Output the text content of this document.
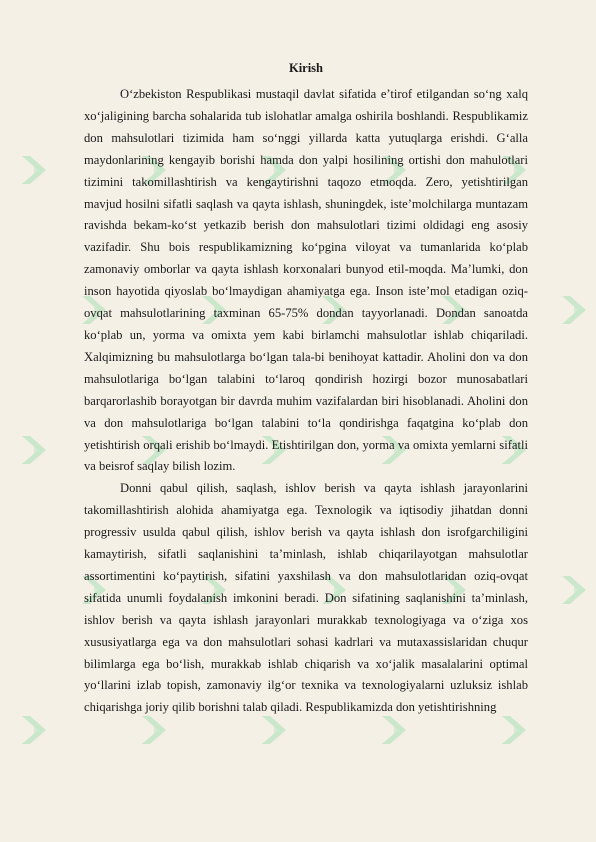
Kirish

O‘zbekiston Respublikasi mustaqil davlat sifatida e’tirof etilgandan so‘ng xalq xo‘jaligining barcha sohalarida tub islohatlar amalga oshirila boshlandi. Respublikamiz don mahsulotlari tizimida ham so‘nggi yillarda katta yutuqlarga erishdi. G‘alla maydonlarining kengayib borishi hamda don yalpi hosilining ortishi don mahulotlari tizimini takomillashtirish va kengaytirishni taqozo etmoqda. Zero, yetishtirilgan mavjud hosilni sifatli saqlash va qayta ishlash, shuningdek, iste’molchilarga muntazam ravishda bekam-ko‘st yetkazib berish don mahsulotlari tizimi oldidagi eng asosiy vazifadir. Shu bois respublikamizning ko‘pgina viloyat va tumanlarida ko‘plab zamonaviy omborlar va qayta ishlash korxonalari bunyod etil-moqda. Ma’lumki, don inson hayotida qiyoslab bo‘lmaydigan ahamiyatga ega. Inson iste’mol etadigan oziq-ovqat mahsulotlarining taxminan 65-75% dondan tayyorlanadi. Dondan sanoatda ko‘plab un, yorma va omixta yem kabi birlamchi mahsulotlar ishlab chiqariladi. Xalqimizning bu mahsulotlarga bo‘lgan tala-bi benihoyat kattadir. Aholini don va don mahsulotlariga bo‘lgan talabini to‘laroq qondirish hozirgi bozor munosabatlari barqarorlashib borayotgan bir davrda muhim vazifalardan biri hisoblanadi. Aholini don va don mahsulotlariga bo‘lgan talabini to‘la qondirishga faqatgina ko‘plab don yetishtirish orqali erishib bo‘lmaydi. Etishtirilgan don, yorma va omixta yemlarni sifatli va beisrof saqlay bilish lozim.

Donni qabul qilish, saqlash, ishlov berish va qayta ishlash jarayonlarini takomillashtirish alohida ahamiyatga ega. Texnologik va iqtisodiy jihatdan donni progressiv usulda qabul qilish, ishlov berish va qayta ishlash don isrofgarchiligini kamaytirish, sifatli saqlanishini ta’minlash, ishlab chiqarilayotgan mahsulotlar assortimentini ko‘paytirish, sifatini yaxshilash va don mahsulotlaridan oziq-ovqat sifatida unumli foydalanish imkonini beradi. Don sifatining saqlanishini ta’minlash, ishlov berish va qayta ishlash jarayonlari murakkab texnologiyaga va o‘ziga xos xususiyatlarga ega va don mahsulotlari sohasi kadrlari va mutaxassislaridan chuqur bilimlarga ega bo‘lish, murakkab ishlab chiqarish va xo‘jalik masalalarini optimal yo‘llarini izlab topish, zamonaviy ilg‘or texnika va texnologiyalarni uzluksiz ishlab chiqarishga joriy qilib borishni talab qiladi. Respublikamizda don yetishtirishning
